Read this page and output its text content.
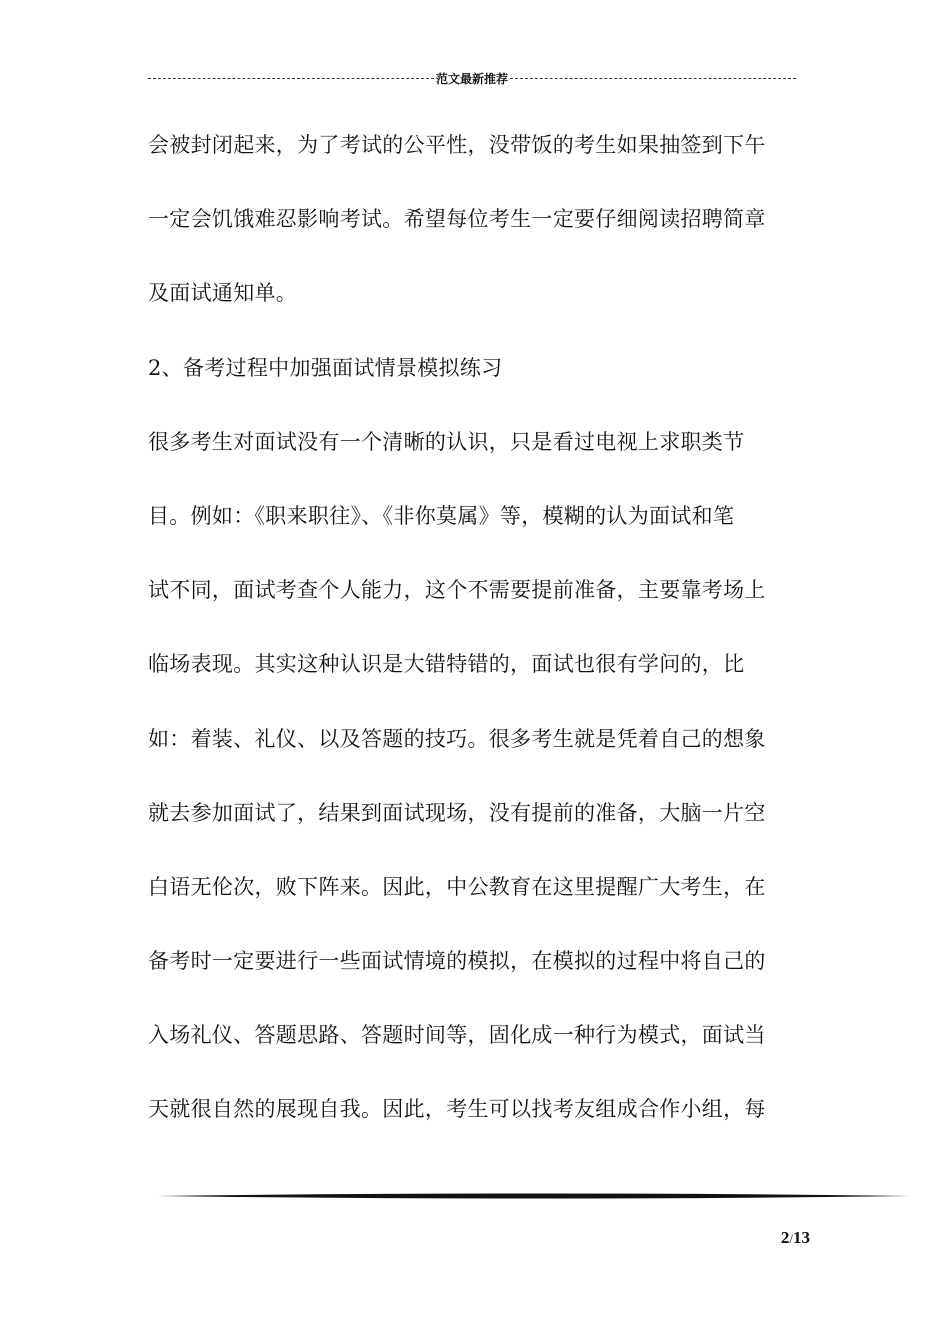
范文最新推荐
会被封闭起来，为了考试的公平性，没带饭的考生如果抽签到下午
一定会饥饿难忍影响考试。希望每位考生一定要仔细阅读招聘简章
及面试通知单。
2、备考过程中加强面试情景模拟练习
很多考生对面试没有一个清晰的认识，只是看过电视上求职类节
目。例如：《职来职往》、《非你莫属》等，模糊的认为面试和笔
试不同，面试考查个人能力，这个不需要提前准备，主要靠考场上
临场表现。其实这种认识是大错特错的，面试也很有学问的，比
如：着装、礼仪、以及答题的技巧。很多考生就是凭着自己的想象
就去参加面试了，结果到面试现场，没有提前的准备，大脑一片空
白语无伦次，败下阵来。因此，中公教育在这里提醒广大考生，在
备考时一定要进行一些面试情境的模拟，在模拟的过程中将自己的
入场礼仪、答题思路、答题时间等，固化成一种行为模式，面试当
天就很自然的展现自我。因此，考生可以找考友组成合作小组，每
2/13
